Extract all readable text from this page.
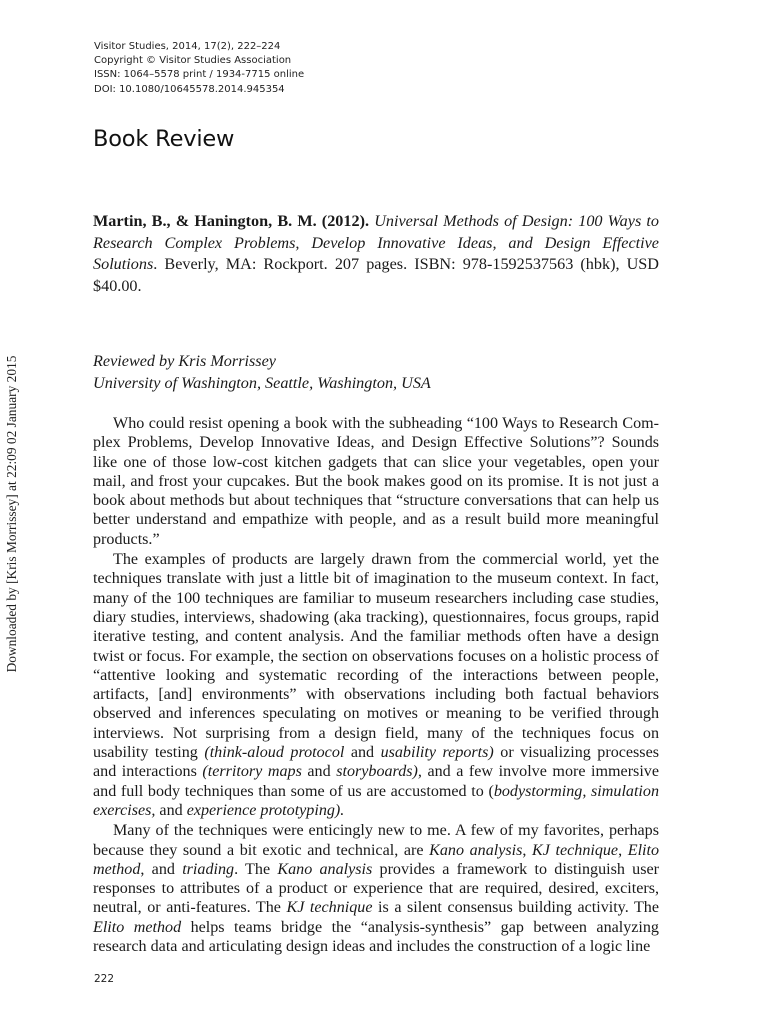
Downloaded by [Kris Morrissey] at 22:09 02 January 2015
Visitor Studies, 2014, 17(2), 222–224
Copyright © Visitor Studies Association
ISSN: 1064–5578 print / 1934-7715 online
DOI: 10.1080/10645578.2014.945354
Book Review
Martin, B., & Hanington, B. M. (2012). Universal Methods of Design: 100 Ways to Research Complex Problems, Develop Innovative Ideas, and Design Effective Solutions. Beverly, MA: Rockport. 207 pages. ISBN: 978-1592537563 (hbk), USD $40.00.
Reviewed by Kris Morrissey
University of Washington, Seattle, Washington, USA

Who could resist opening a book with the subheading “100 Ways to Research Complex Problems, Develop Innovative Ideas, and Design Effective Solutions”? Sounds like one of those low-cost kitchen gadgets that can slice your vegetables, open your mail, and frost your cupcakes. But the book makes good on its promise. It is not just a book about methods but about techniques that “structure conversations that can help us better understand and empathize with people, and as a result build more meaningful products.”

The examples of products are largely drawn from the commercial world, yet the techniques translate with just a little bit of imagination to the museum context. In fact, many of the 100 techniques are familiar to museum researchers including case studies, diary studies, interviews, shadowing (aka tracking), questionnaires, focus groups, rapid iterative testing, and content analysis. And the familiar methods often have a design twist or focus. For example, the section on observations focuses on a holistic process of “attentive looking and systematic recording of the interactions between people, artifacts, [and] environments” with observations including both factual behaviors observed and inferences speculating on motives or meaning to be verified through interviews. Not surprising from a design field, many of the techniques focus on usability testing (think-aloud protocol and usability reports) or visualizing processes and interactions (territory maps and storyboards), and a few involve more immersive and full body techniques than some of us are accustomed to (bodystorming, simulation exercises, and experience prototyping).

Many of the techniques were enticingly new to me. A few of my favorites, perhaps because they sound a bit exotic and technical, are Kano analysis, KJ technique, Elito method, and triading. The Kano analysis provides a framework to distinguish user responses to attributes of a product or experience that are required, desired, exciters, neutral, or anti-features. The KJ technique is a silent consensus building activity. The Elito method helps teams bridge the “analysis-synthesis” gap between analyzing research data and articulating design ideas and includes the construction of a logic line

222
